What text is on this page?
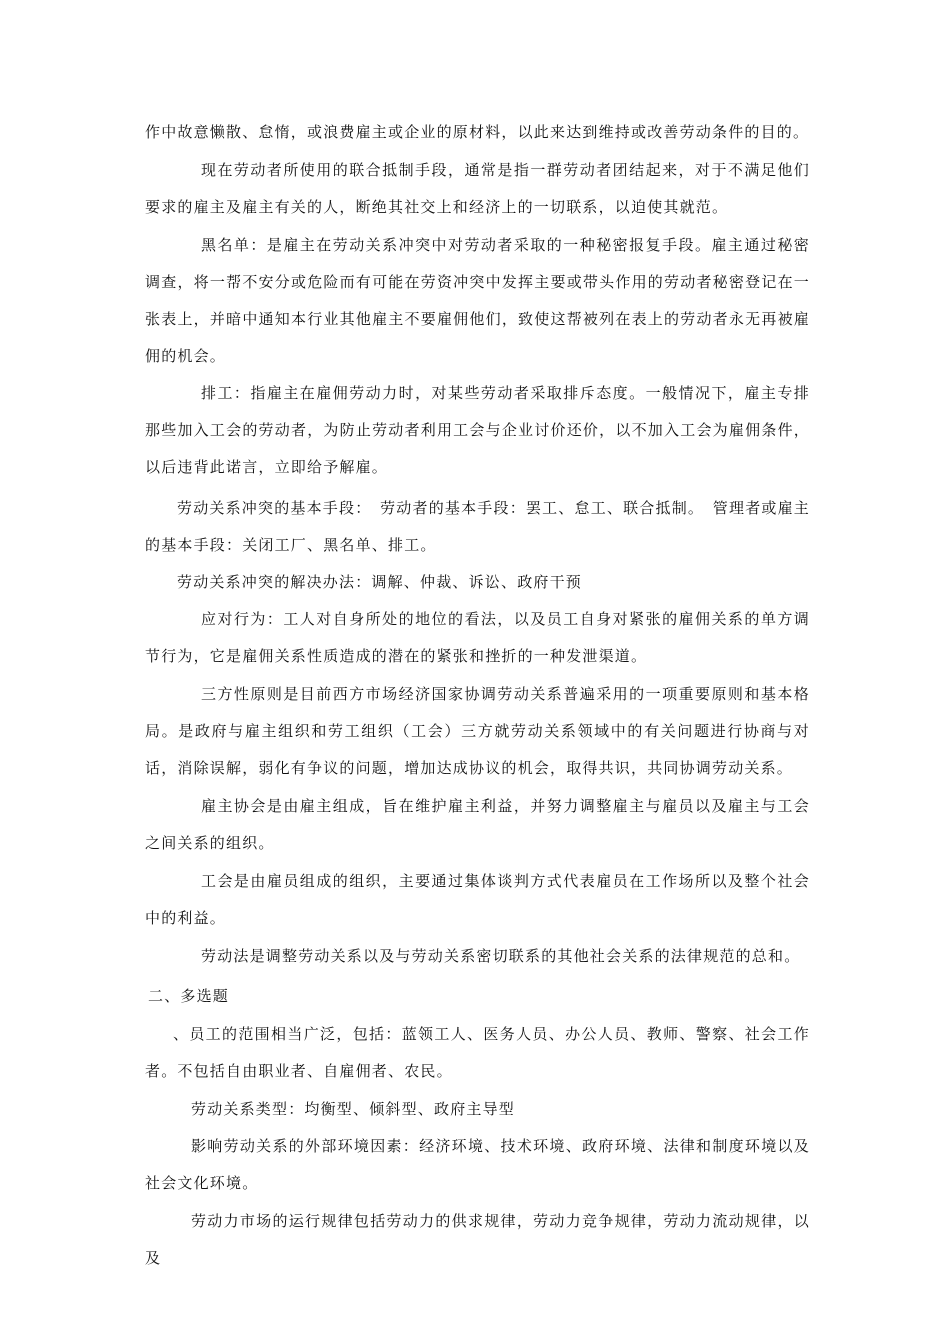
作中故意懒散、怠惰，或浪费雇主或企业的原材料，以此来达到维持或改善劳动条件的目的。

现在劳动者所使用的联合抵制手段，通常是指一群劳动者团结起来，对于不满足他们要求的雇主及雇主有关的人，断绝其社交上和经济上的一切联系，以迫使其就范。

黑名单：是雇主在劳动关系冲突中对劳动者采取的一种秘密报复手段。雇主通过秘密调查，将一帮不安分或危险而有可能在劳资冲突中发挥主要或带头作用的劳动者秘密登记在一张表上，并暗中通知本行业其他雇主不要雇佣他们，致使这帮被列在表上的劳动者永无再被雇佣的机会。

排工：指雇主在雇佣劳动力时，对某些劳动者采取排斥态度。一般情况下，雇主专排那些加入工会的劳动者，为防止劳动者利用工会与企业讨价还价，以不加入工会为雇佣条件，以后违背此诺言，立即给予解雇。

劳动关系冲突的基本手段：　劳动者的基本手段：罢工、怠工、联合抵制。　管理者或雇主的基本手段：关闭工厂、黑名单、排工。

劳动关系冲突的解决办法：调解、仲裁、诉讼、政府干预

应对行为：工人对自身所处的地位的看法，以及员工自身对紧张的雇佣关系的单方调节行为，它是雇佣关系性质造成的潜在的紧张和挫折的一种发泄渠道。

三方性原则是目前西方市场经济国家协调劳动关系普遍采用的一项重要原则和基本格局。是政府与雇主组织和劳工组织（工会）三方就劳动关系领域中的有关问题进行协商与对话，消除误解，弱化有争议的问题，增加达成协议的机会，取得共识，共同协调劳动关系。

雇主协会是由雇主组成，旨在维护雇主利益，并努力调整雇主与雇员以及雇主与工会之间关系的组织。

工会是由雇员组成的组织，主要通过集体谈判方式代表雇员在工作场所以及整个社会中的利益。

劳动法是调整劳动关系以及与劳动关系密切联系的其他社会关系的法律规范的总和。

二、多选题

、员工的范围相当广泛，包括：蓝领工人、医务人员、办公人员、教师、警察、社会工作者。不包括自由职业者、自雇佣者、农民。

劳动关系类型：均衡型、倾斜型、政府主导型

影响劳动关系的外部环境因素：经济环境、技术环境、政府环境、法律和制度环境以及社会文化环境。

劳动力市场的运行规律包括劳动力的供求规律，劳动力竞争规律，劳动力流动规律，以及
